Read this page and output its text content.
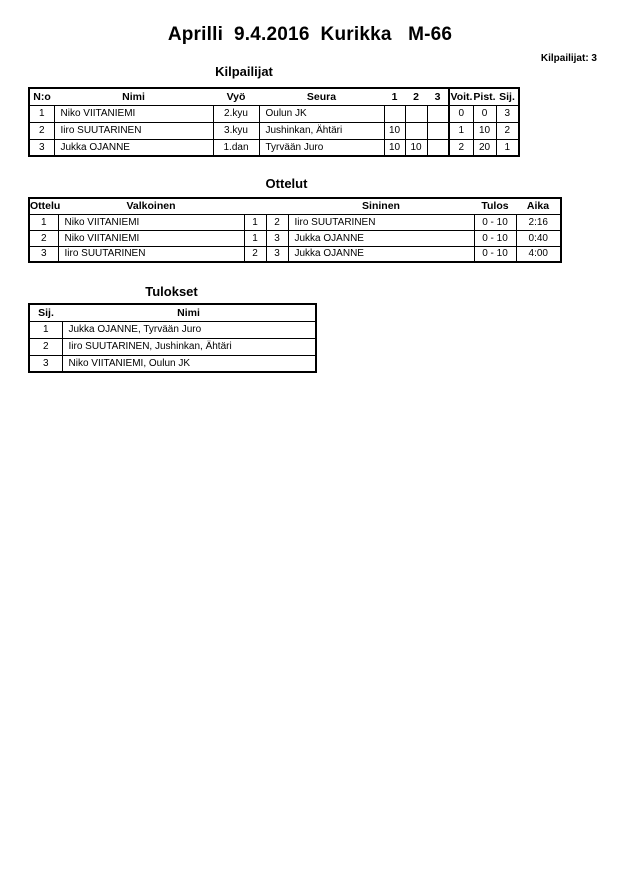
Aprilli  9.4.2016  Kurikka   M-66
Kilpailijat: 3
Kilpailijat
N:o	Nimi	Vyö	Seura	1	2	3	Voit.	Pist.	Sij.
1	Niko VIITANIEMI	2.kyu	Oulun JK				0	0	3
2	Iiro SUUTARINEN	3.kyu	Jushinkan, Ähtäri	10			1	10	2
3	Jukka OJANNE	1.dan	Tyrvään Juro	10	10		2	20	1
Ottelut
Ottelu	Valkoinen			Sininen	Tulos	Aika
1	Niko VIITANIEMI	1	2	Iiro SUUTARINEN	0 - 10	2:16
2	Niko VIITANIEMI	1	3	Jukka OJANNE	0 - 10	0:40
3	Iiro SUUTARINEN	2	3	Jukka OJANNE	0 - 10	4:00
Tulokset
Sij.	Nimi
1	Jukka OJANNE, Tyrvään Juro
2	Iiro SUUTARINEN, Jushinkan, Ähtäri
3	Niko VIITANIEMI, Oulun JK
